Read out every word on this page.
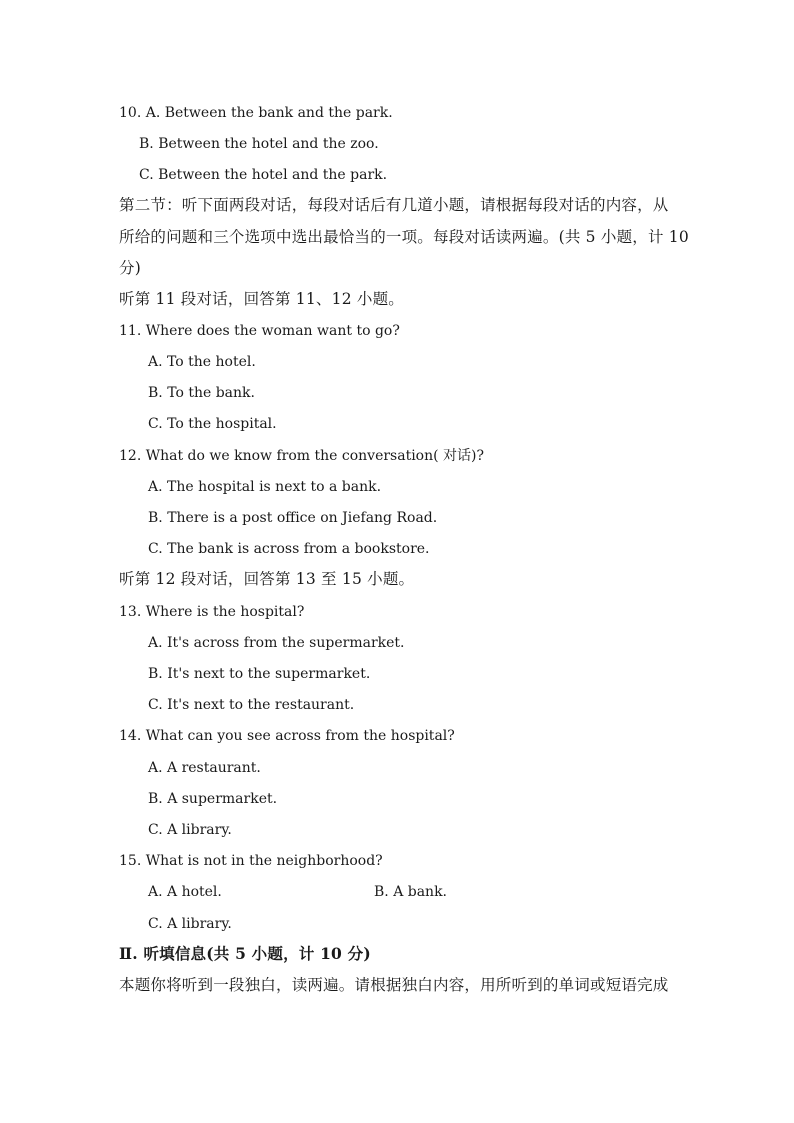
10. A. Between the bank and the park.
B. Between the hotel and the zoo.
C. Between the hotel and the park.
第二节：听下面两段对话，每段对话后有几道小题，请根据每段对话的内容，从
所给的问题和三个选项中选出最恰当的一项。每段对话读两遍。(共 5 小题，计 10
分)
听第 11 段对话，回答第 11、12 小题。
11. Where does the woman want to go?
A. To the hotel.
B. To the bank.
C. To the hospital.
12. What do we know from the conversation( 对话)?
A. The hospital is next to a bank.
B. There is a post office on Jiefang Road.
C. The bank is across from a bookstore.
听第 12 段对话，回答第 13 至 15 小题。
13. Where is the hospital?
A. It's across from the supermarket.
B. It's next to the supermarket.
C. It's next to the restaurant.
14. What can you see across from the hospital?
A. A restaurant.
B. A supermarket.
C. A library.
15. What is not in the neighborhood?
A. A hotel.	B. A bank.
C. A library.
Ⅱ. 听填信息(共 5 小题，计 10 分)
本题你将听到一段独白，读两遍。请根据独白内容，用所听到的单词或短语完成
